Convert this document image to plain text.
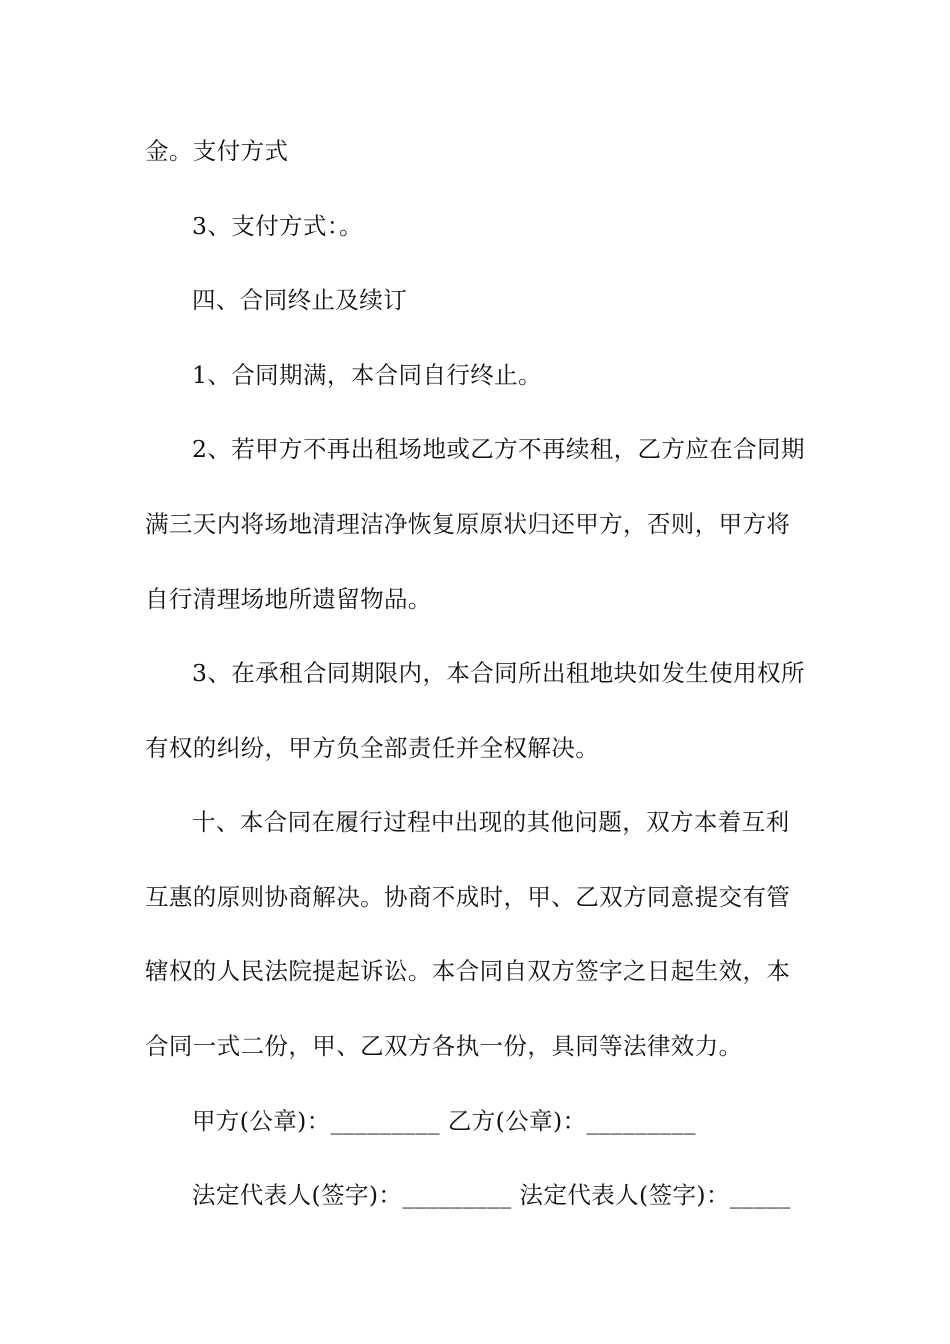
金。支付方式
3、支付方式：。
四、合同终止及续订
1、合同期满，本合同自行终止。
2、若甲方不再出租场地或乙方不再续租，乙方应在合同期
满三天内将场地清理洁净恢复原原状归还甲方，否则，甲方将
自行清理场地所遗留物品。
3、在承租合同期限内，本合同所出租地块如发生使用权所
有权的纠纷，甲方负全部责任并全权解决。
十、本合同在履行过程中出现的其他问题，双方本着互利
互惠的原则协商解决。协商不成时，甲、乙双方同意提交有管
辖权的人民法院提起诉讼。本合同自双方签字之日起生效，本
合同一式二份，甲、乙双方各执一份，具同等法律效力。
甲方(公章)：_________ 乙方(公章)：_________
法定代表人(签字)：_________ 法定代表人(签字)：_____
